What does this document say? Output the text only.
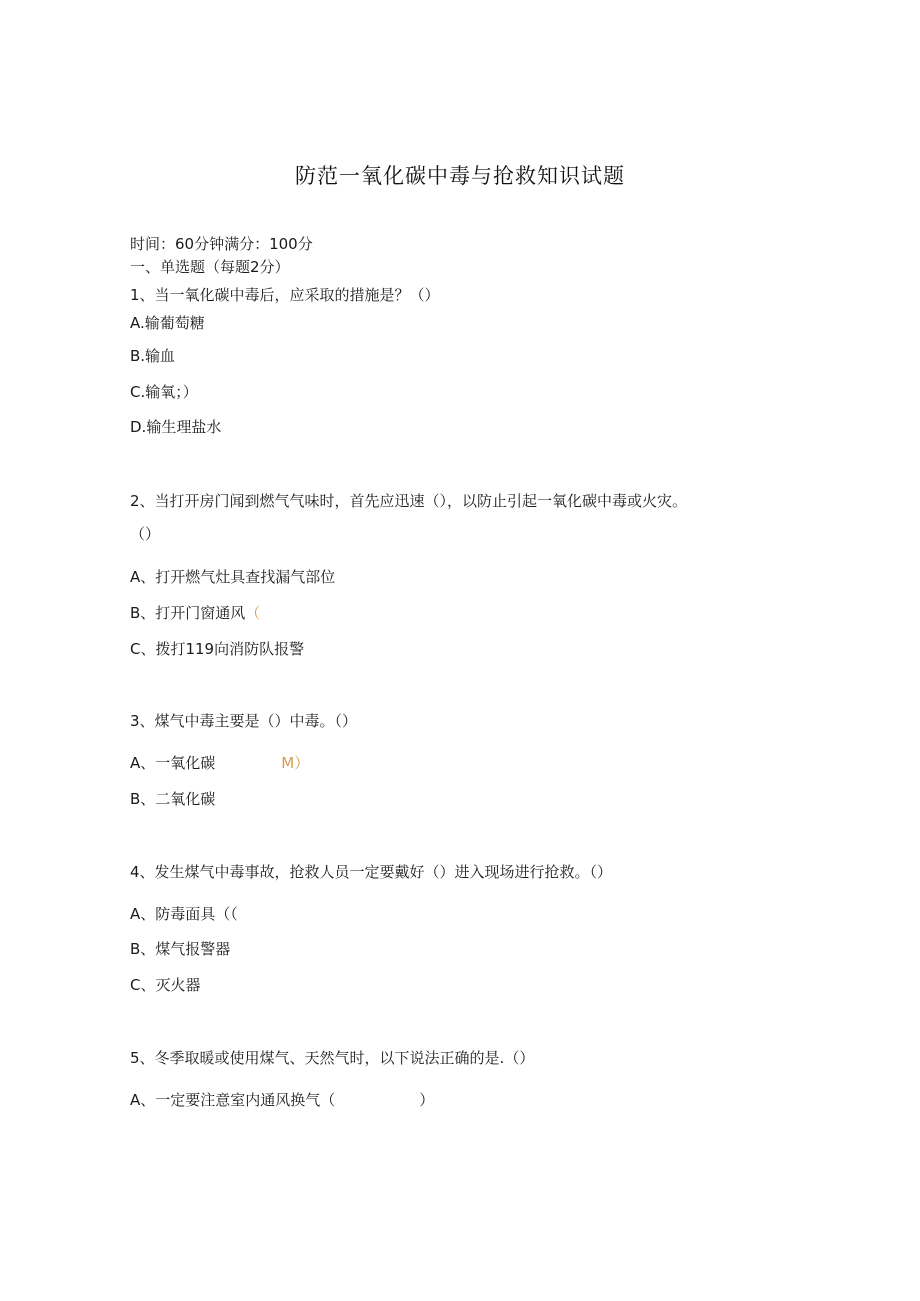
防范一氧化碳中毒与抢救知识试题
时间：60分钟满分：100分
一、单选题（每题2分）
1、当一氧化碳中毒后，应采取的措施是？（）
A.输葡萄糖
B.输血
C.输氧；）
D.输生理盐水
2、当打开房门闻到燃气气味时，首先应迅速（），以防止引起一氧化碳中毒或火灾。
（）
A、打开燃气灶具查找漏气部位
B、打开门窗通风（
C、拨打119向消防队报警
3、煤气中毒主要是（）中毒。（）
A、一氧化碳	M）
B、二氧化碳
4、发生煤气中毒事故，抢救人员一定要戴好（）进入现场进行抢救。（）
A、防毒面具（（
B、煤气报警器
C、灭火器
5、冬季取暖或使用煤气、天然气时，以下说法正确的是.（）
A、一定要注意室内通风换气（	）
